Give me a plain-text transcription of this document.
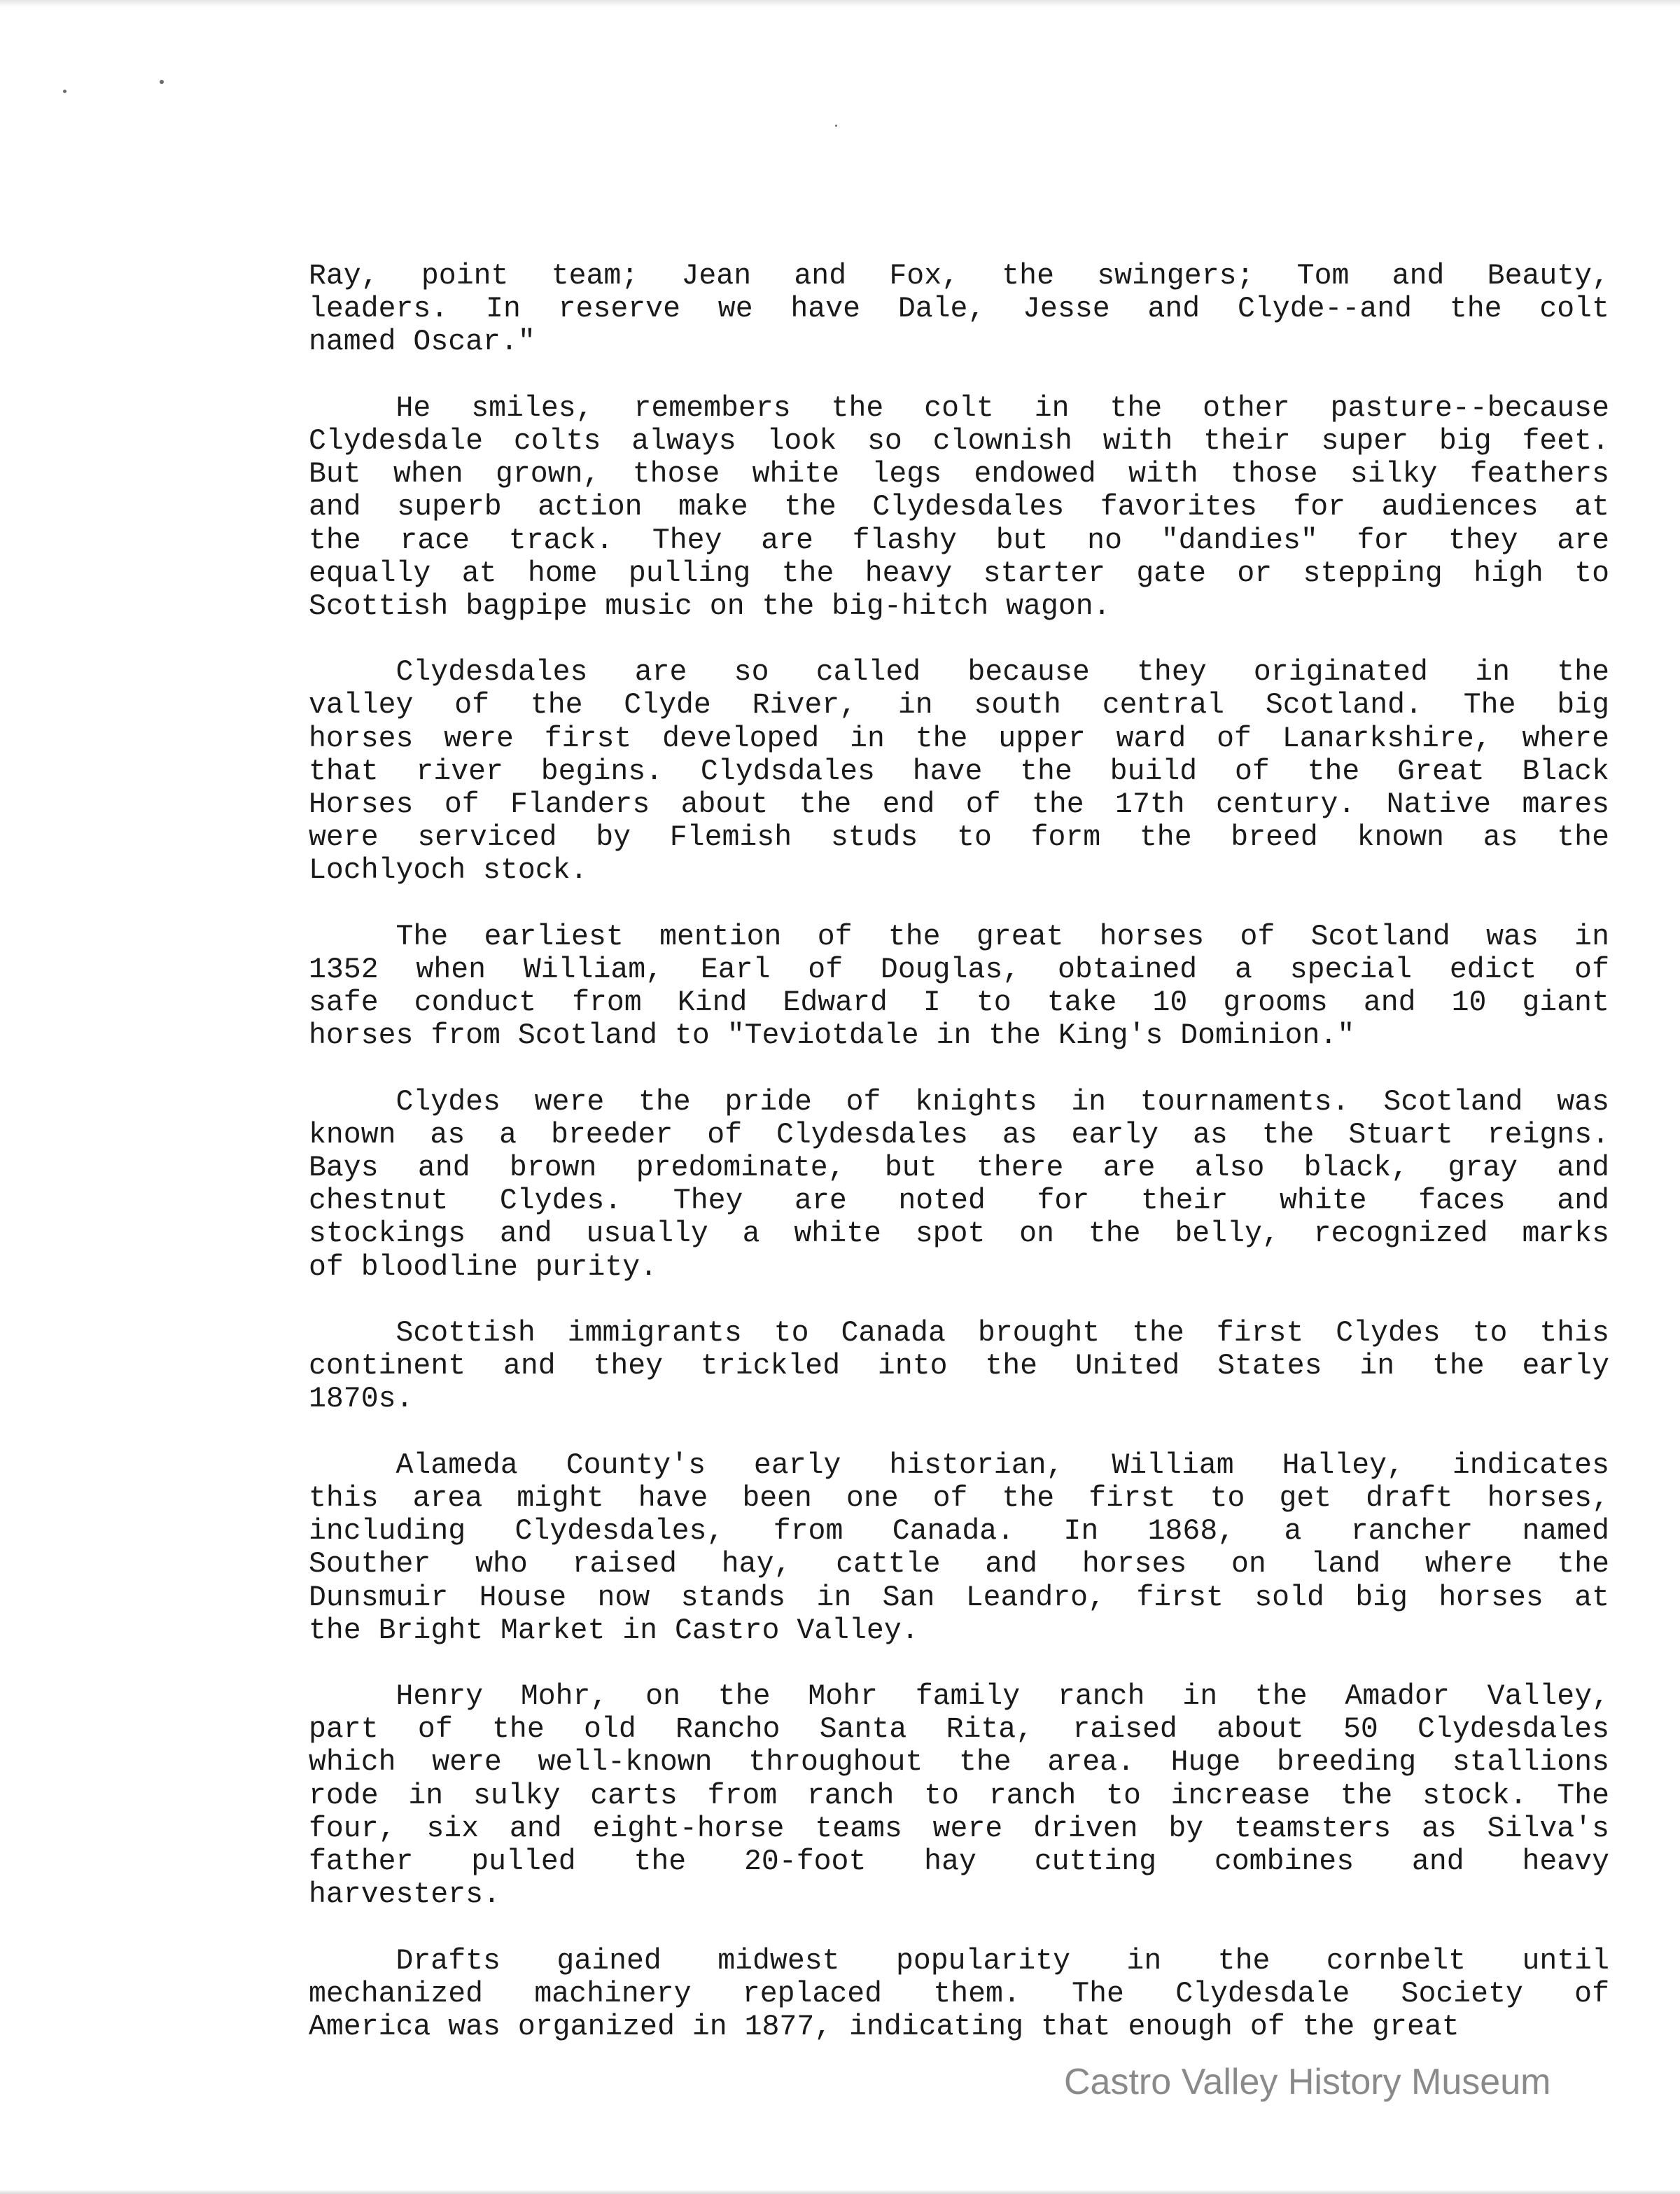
Ray, point team; Jean and Fox, the swingers; Tom and Beauty,
leaders. In reserve we have Dale, Jesse and Clyde--and the colt
named Oscar."
He smiles, remembers the colt in the other pasture--because
Clydesdale colts always look so clownish with their super big feet.
But when grown, those white legs endowed with those silky feathers
and superb action make the Clydesdales favorites for audiences at
the race track. They are flashy but no "dandies" for they are
equally at home pulling the heavy starter gate or stepping high to
Scottish bagpipe music on the big-hitch wagon.
Clydesdales are so called because they originated in the
valley of the Clyde River, in south central Scotland. The big
horses were first developed in the upper ward of Lanarkshire, where
that river begins. Clydsdales have the build of the Great Black
Horses of Flanders about the end of the 17th century. Native mares
were serviced by Flemish studs to form the breed known as the
Lochlyoch stock.
The earliest mention of the great horses of Scotland was in
1352 when William, Earl of Douglas, obtained a special edict of
safe conduct from Kind Edward I to take 10 grooms and 10 giant
horses from Scotland to "Teviotdale in the King's Dominion."
Clydes were the pride of knights in tournaments. Scotland was
known as a breeder of Clydesdales as early as the Stuart reigns.
Bays and brown predominate, but there are also black, gray and
chestnut Clydes. They are noted for their white faces and
stockings and usually a white spot on the belly, recognized marks
of bloodline purity.
Scottish immigrants to Canada brought the first Clydes to this
continent and they trickled into the United States in the early
1870s.
Alameda County's early historian, William Halley, indicates
this area might have been one of the first to get draft horses,
including Clydesdales, from Canada. In 1868, a rancher named
Souther who raised hay, cattle and horses on land where the
Dunsmuir House now stands in San Leandro, first sold big horses at
the Bright Market in Castro Valley.
Henry Mohr, on the Mohr family ranch in the Amador Valley,
part of the old Rancho Santa Rita, raised about 50 Clydesdales
which were well-known throughout the area. Huge breeding stallions
rode in sulky carts from ranch to ranch to increase the stock. The
four, six and eight-horse teams were driven by teamsters as Silva's
father pulled the 20-foot hay cutting combines and heavy
harvesters.
Drafts gained midwest popularity in the cornbelt until
mechanized machinery replaced them. The Clydesdale Society of
America was organized in 1877, indicating that enough of the great
Castro Valley History Museum
